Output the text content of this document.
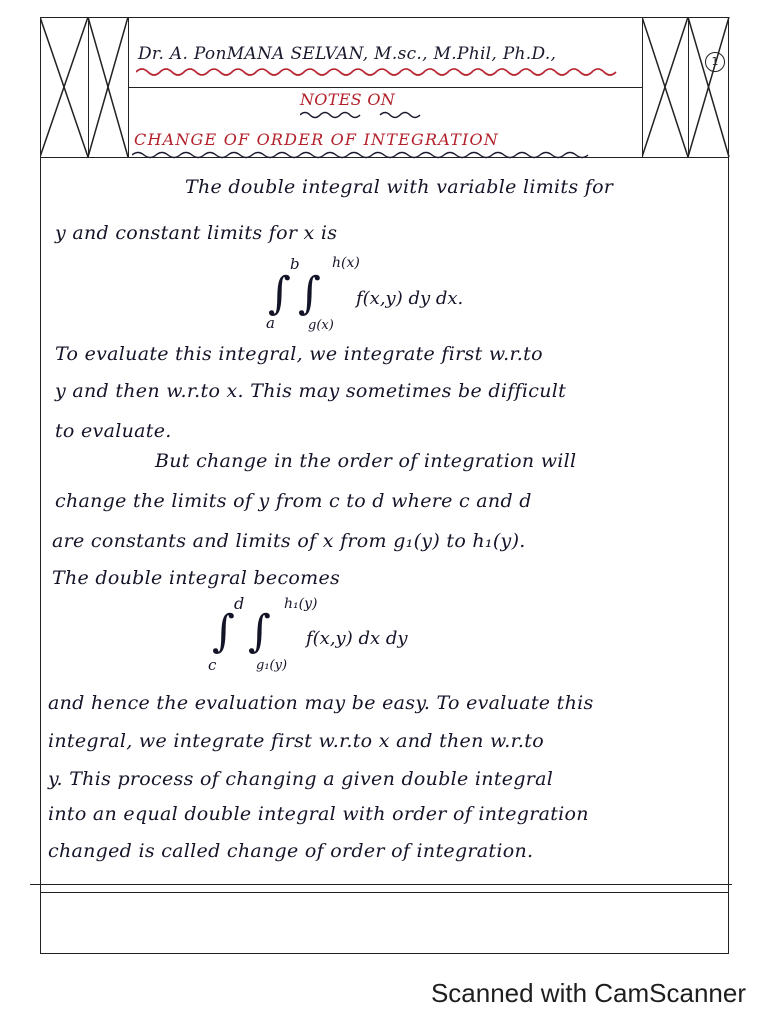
Dr. A. PonMANA SELVAN, M.sc., M.Phil, Ph.D.,	1
NOTES ON
CHANGE OF ORDER OF INTEGRATION
The double integral with variable limits for
y and constant limits for x is
∫ ∫
b h(x)
a	g(x)
f(x,y) dy dx.
To evaluate this integral, we integrate first w.r.to
y and then w.r.to x. This may sometimes be difficult
to evaluate.
But change in the order of integration will
change the limits of y from c to d where c and d
are constants and limits of x from g₁(y) to h₁(y).
The double integral becomes
∫ ∫
d	h₁(y)
c	g₁(y)
f(x,y) dx dy
and hence the evaluation may be easy. To evaluate this
integral, we integrate first w.r.to x and then w.r.to
y. This process of changing a given double integral
into an equal double integral with order of integration
changed is called change of order of integration.
Scanned with CamScanner
